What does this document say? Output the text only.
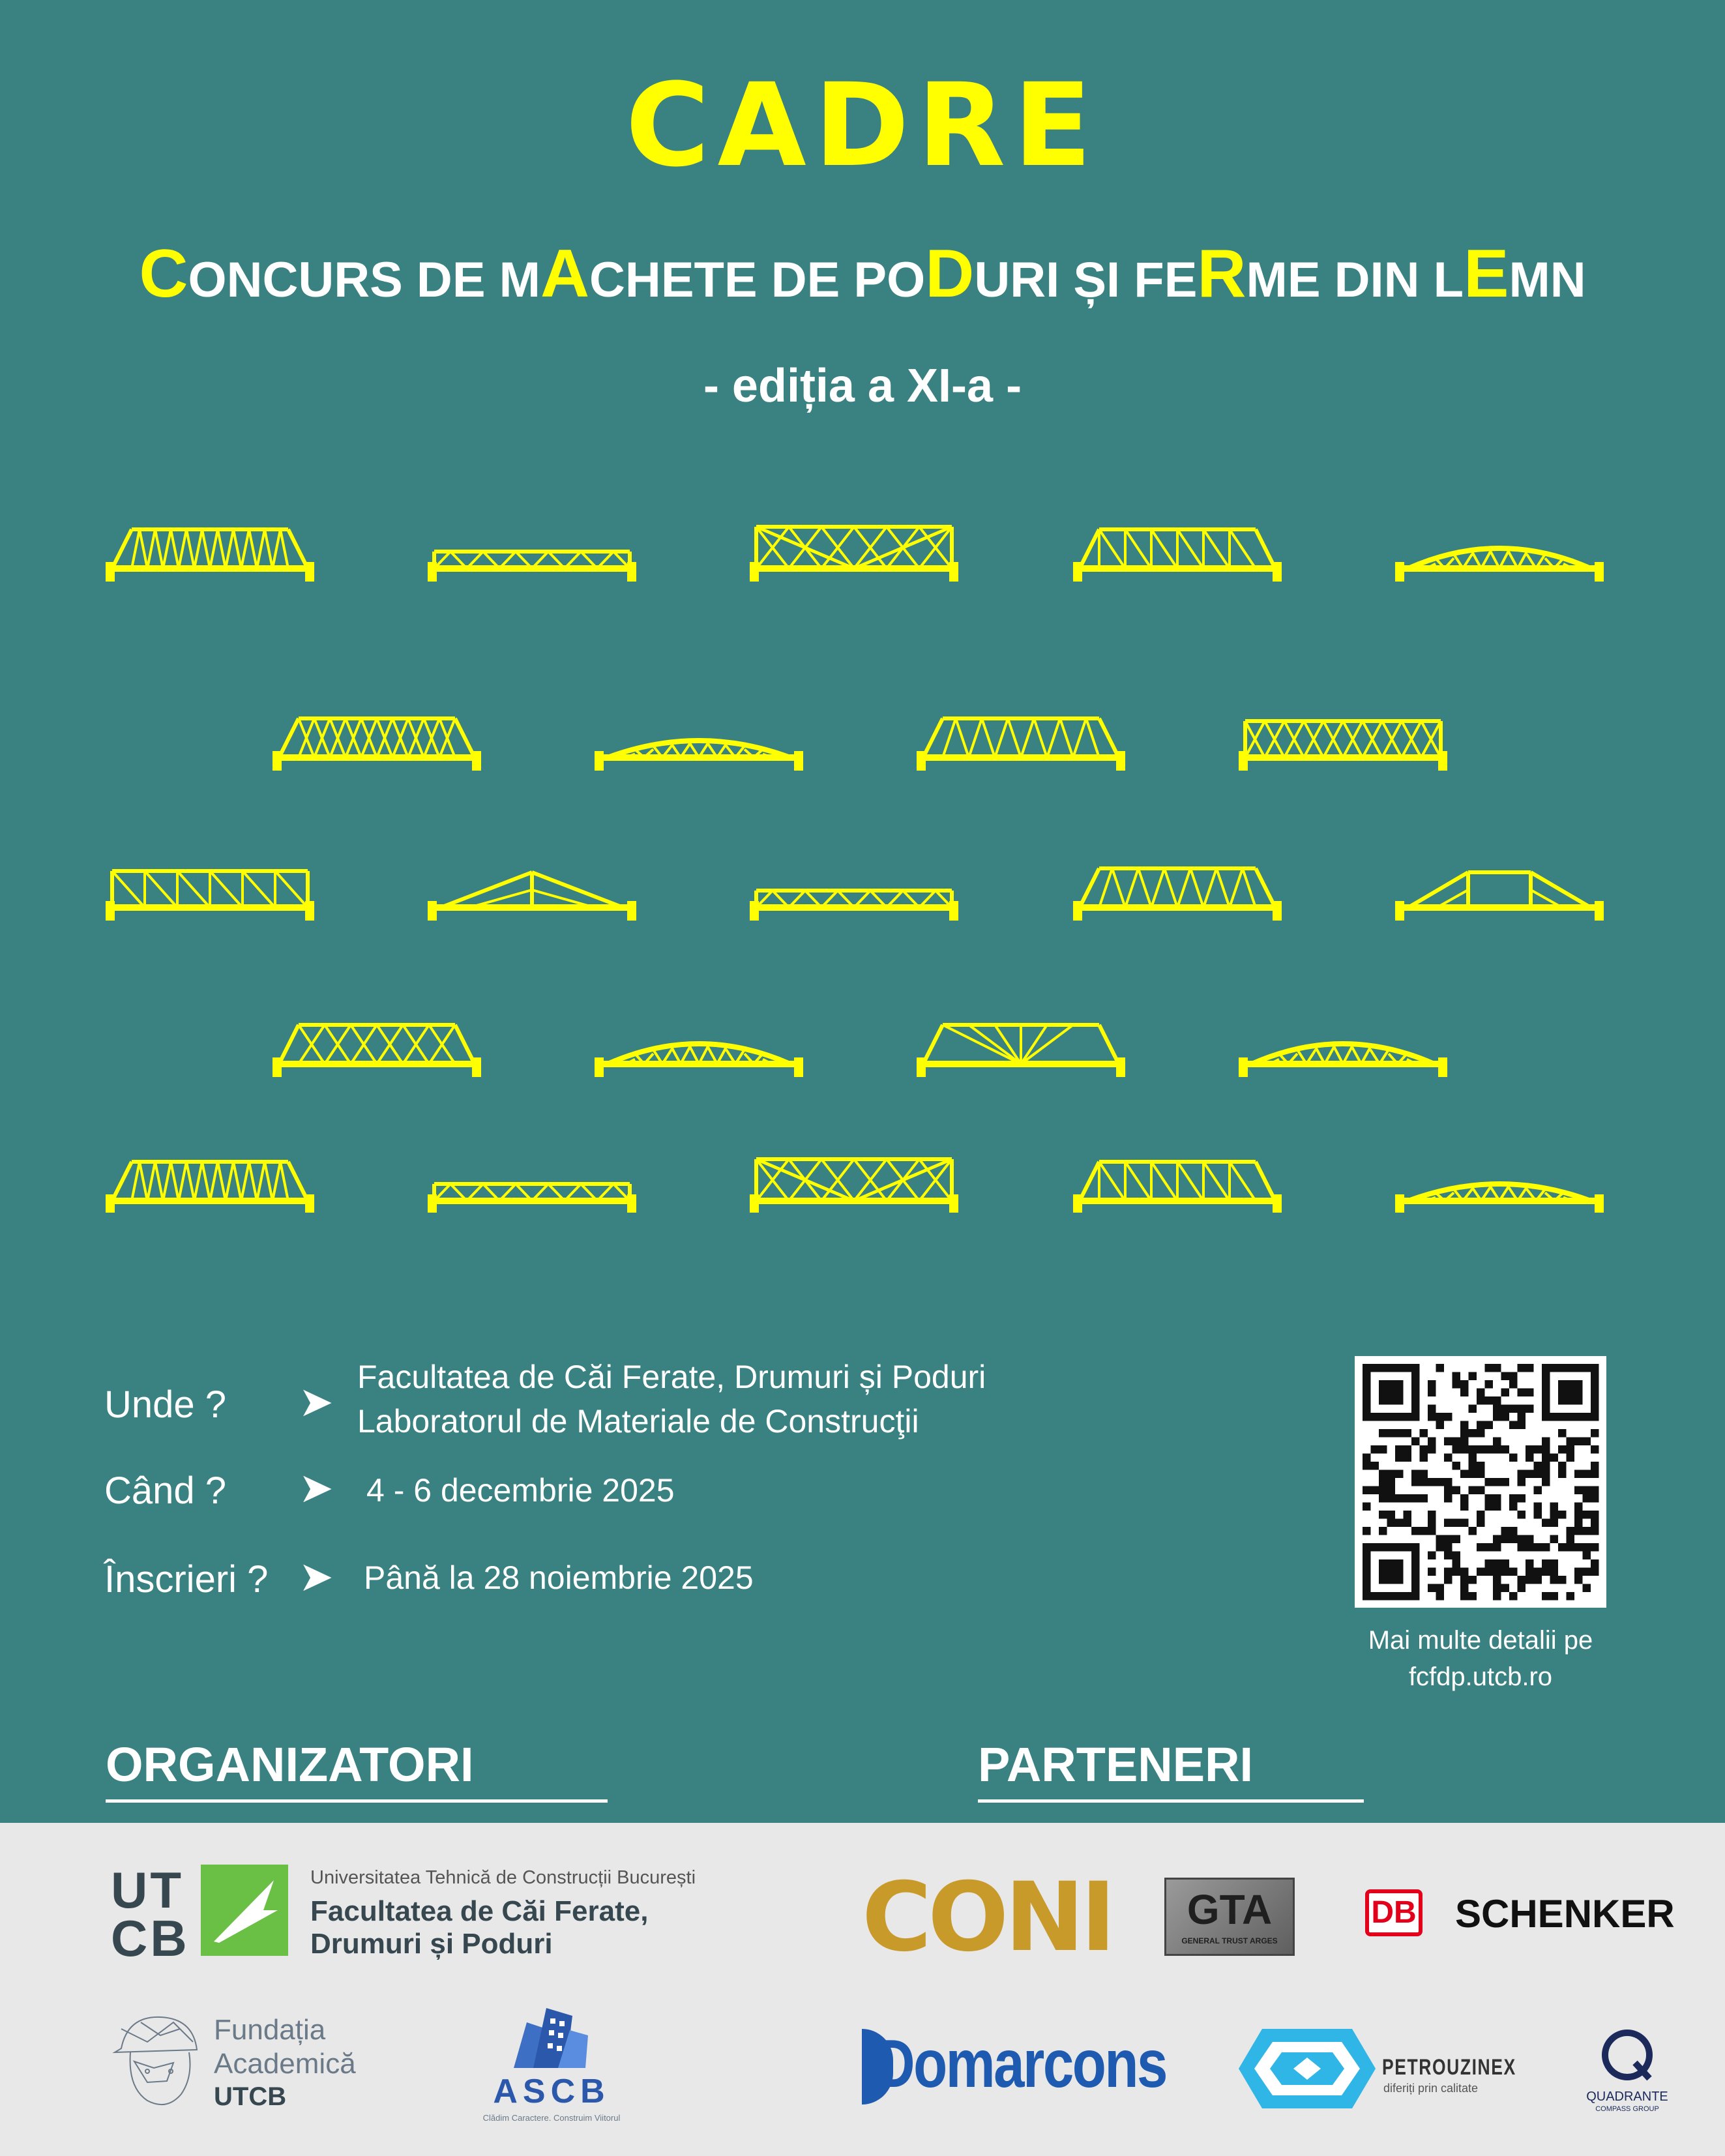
CADRE
CONCURS DE MACHETE DE PODURI ȘI FERME DIN LEMN
- ediția a XI-a -
Unde ? ➤
Facultatea de Căi Ferate, Drumuri și Poduri
Laboratorul de Materiale de Construcţii
Când ? ➤ 4 - 6 decembrie 2025
Înscrieri ? ➤ Până la 28 noiembrie 2025
Mai multe detalii pe
fcfdp.utcb.ro
ORGANIZATORI	PARTENERI
UT
CB
Universitatea Tehnică de Construcții București
Facultatea de Căi Ferate,
Drumuri și Poduri
Fundația
Academică
UTCB	ASCB
Clădim Caractere. Construim Viitorul
CONI	GTA
GENERAL TRUST ARGES
DB SCHENKER
Domarcons	PETROUZINEX
diferiți prin calitate
QUADRANTE
COMPASS GROUP
